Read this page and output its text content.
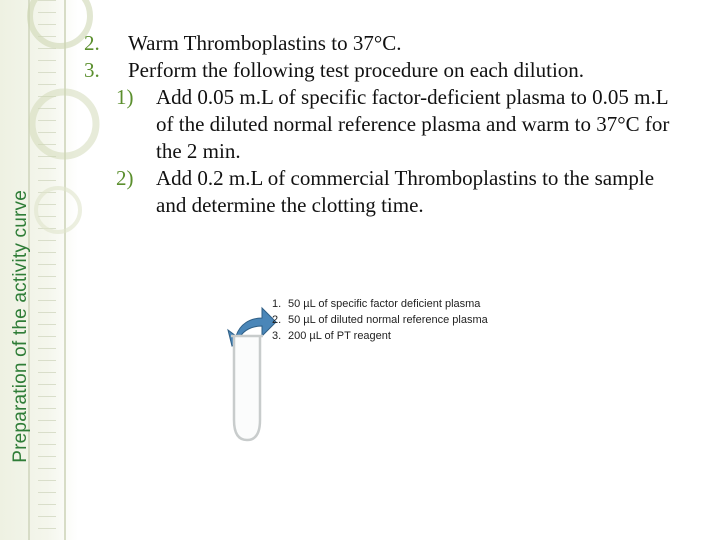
Preparation of the activity curve
2. Warm Thromboplastins to 37°C.
3. Perform the following test procedure on each dilution.
1) Add 0.05 m.L of specific factor-deficient plasma to 0.05 m.L of the diluted normal reference plasma and warm to 37°C for the 2 min.
2) Add 0.2 m.L of commercial Thromboplastins to the sample and determine the clotting time.
1. 50 µL of specific factor deficient plasma
2. 50 µL of diluted normal reference plasma
3. 200 µL of PT reagent
